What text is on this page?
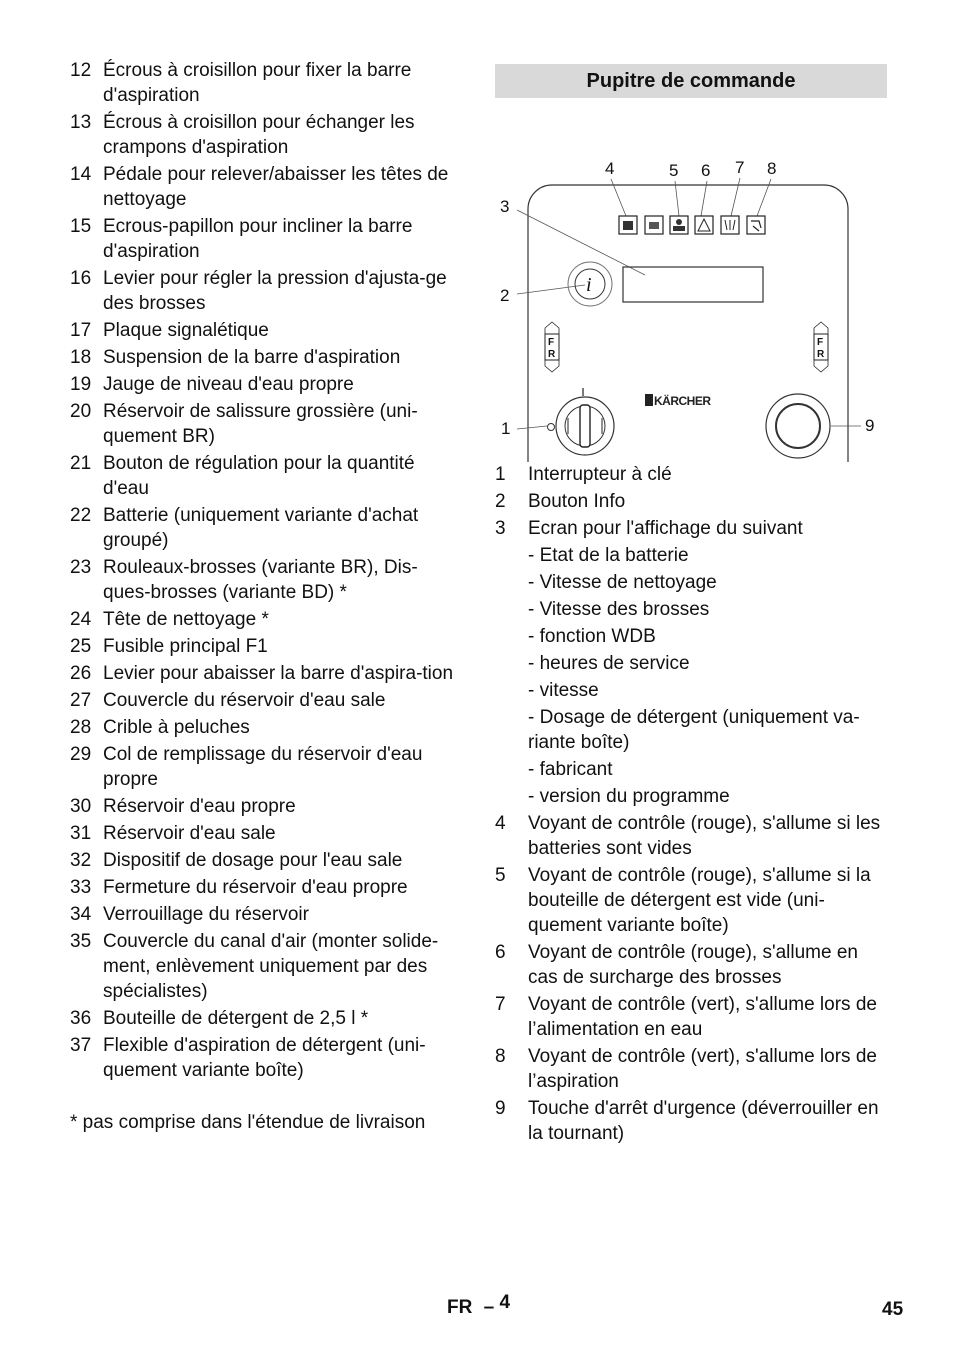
12 Écrous à croisillon pour fixer la barre d'aspiration
13 Écrous à croisillon pour échanger les crampons d'aspiration
14 Pédale pour relever/abaisser les têtes de nettoyage
15 Ecrous-papillon pour incliner la barre d'aspiration
16 Levier pour régler la pression d'ajusta-ge des brosses
17 Plaque signalétique
18 Suspension de la barre d'aspiration
19 Jauge de niveau d'eau propre
20 Réservoir de salissure grossière (uni-quement BR)
21 Bouton de régulation pour la quantité d'eau
22 Batterie (uniquement variante d'achat groupé)
23 Rouleaux-brosses (variante BR), Dis-ques-brosses (variante BD) *
24 Tête de nettoyage *
25 Fusible principal F1
26 Levier pour abaisser la barre d'aspira-tion
27 Couvercle du réservoir d'eau sale
28 Crible à peluches
29 Col de remplissage du réservoir d'eau propre
30 Réservoir d'eau propre
31 Réservoir d'eau sale
32 Dispositif de dosage pour l'eau sale
33 Fermeture du réservoir d'eau propre
34 Verrouillage du réservoir
35 Couvercle du canal d'air (monter solide-ment, enlèvement uniquement par des spécialistes)
36 Bouteille de détergent de 2,5 l *
37 Flexible d'aspiration de détergent (uni-quement variante boîte)
* pas comprise dans l'étendue de livraison
Pupitre de commande
4	5 6 7 8
3
2
1	9
i
F
R
F
R
KÄRCHER
1	Interrupteur à clé
2	Bouton Info
3	Ecran pour l'affichage du suivant
- Etat de la batterie
- Vitesse de nettoyage
- Vitesse des brosses
- fonction WDB
- heures de service
- vitesse
- Dosage de détergent (uniquement va-riante boîte)
- fabricant
- version du programme
4	Voyant de contrôle (rouge), s'allume si les batteries sont vides
5	Voyant de contrôle (rouge), s'allume si la bouteille de détergent est vide (uni-quement variante boîte)
6	Voyant de contrôle (rouge), s'allume en cas de surcharge des brosses
7	Voyant de contrôle (vert), s'allume lors de l’alimentation en eau
8	Voyant de contrôle (vert), s'allume lors de l’aspiration
9	Touche d'arrêt d'urgence (déverrouiller en la tournant)
FR – 4	45
